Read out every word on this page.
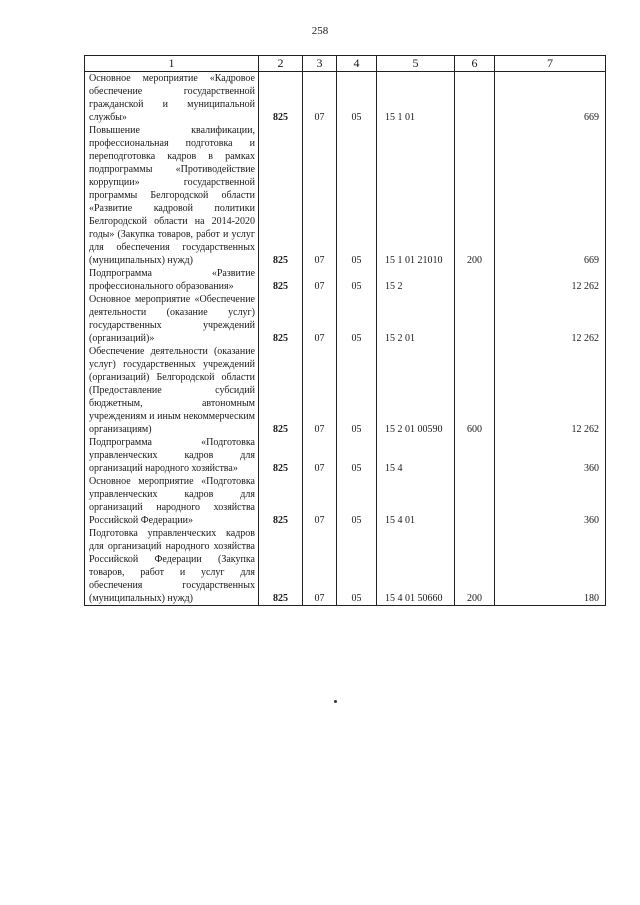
258
1	2	3	4	5	6	7
Основное мероприятие «Кадровое обеспечение государственной гражданской и муниципальной службы»	825	07	05	15 1 01		669
Повышение квалификации, профессиональная подготовка и переподготовка кадров в рамках подпрограммы «Противодействие коррупции» государственной программы Белгородской области «Развитие кадровой политики Белгородской области на 2014-2020 годы» (Закупка товаров, работ и услуг для обеспечения государственных (муниципальных) нужд)	825	07	05	15 1 01 21010	200	669
Подпрограмма «Развитие профессионального образования»	825	07	05	15 2		12 262
Основное мероприятие «Обеспечение деятельности (оказание услуг) государственных учреждений (организаций)»	825	07	05	15 2 01		12 262
Обеспечение деятельности (оказание услуг) государственных учреждений (организаций) Белгородской области (Предоставление субсидий бюджетным, автономным учреждениям и иным некоммерческим организациям)	825	07	05	15 2 01 00590	600	12 262
Подпрограмма «Подготовка управленческих кадров для организаций народного хозяйства»	825	07	05	15 4		360
Основное мероприятие «Подготовка управленческих кадров для организаций народного хозяйства Российской Федерации»	825	07	05	15 4 01		360
Подготовка управленческих кадров для организаций народного хозяйства Российской Федерации (Закупка товаров, работ и услуг для обеспечения государственных (муниципальных) нужд)	825	07	05	15 4 01 50660	200	180
